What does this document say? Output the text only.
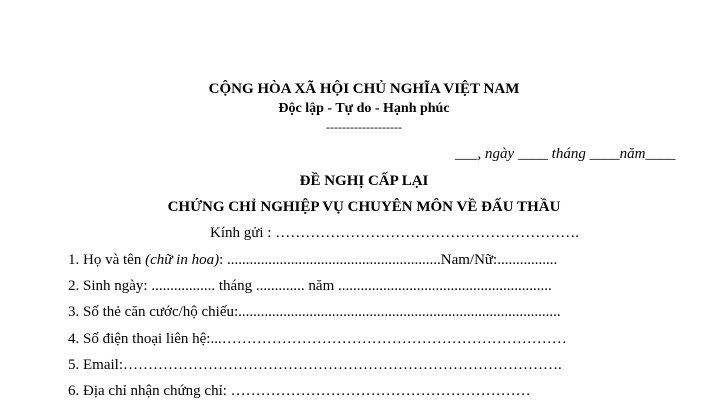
CỘNG HÒA XÃ HỘI CHỦ NGHĨA VIỆT NAM
Độc lập - Tự do - Hạnh phúc
-------------------
___, ngày ____ tháng ____năm____
ĐỀ NGHỊ CẤP LẠI
CHỨNG CHỈ NGHIỆP VỤ CHUYÊN MÔN VỀ ĐẤU THẦU
Kính gửi : …………………………………………………….
1. Họ và tên (chữ in hoa): .........................................................Nam/Nữ:................
2. Sinh ngày: ................. tháng ............. năm .........................................................
3. Số thẻ căn cước/hộ chiếu:......................................................................................
4. Số điện thoại liên hệ:...……………………………………………………………
5. Email:…………………………………………………………………………….
6. Địa chỉ nhận chứng chỉ: ……………………………………………………
